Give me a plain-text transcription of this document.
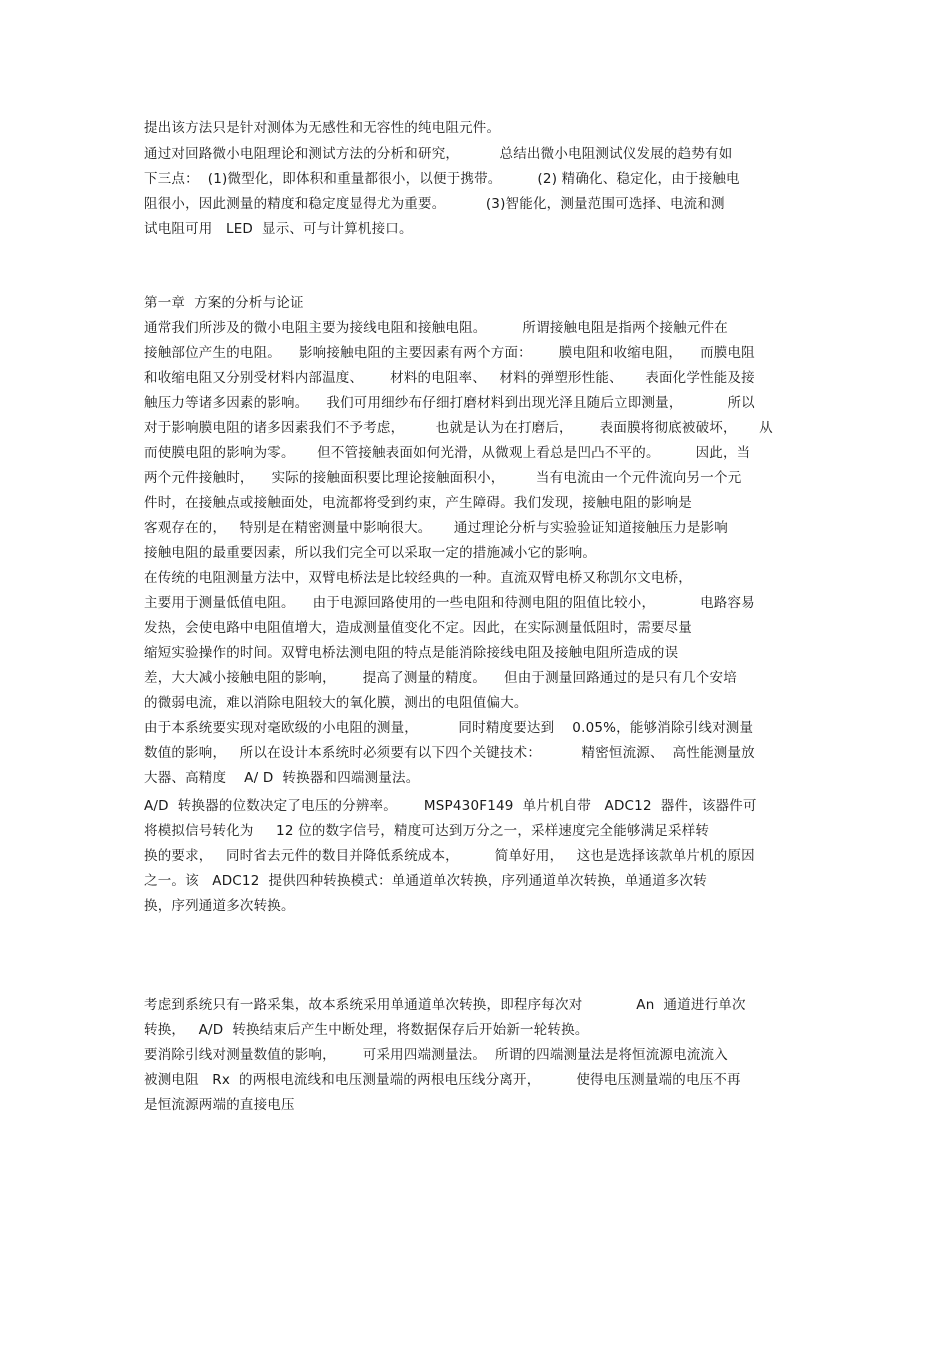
提出该方法只是针对测体为无感性和无容性的纯电阻元件。
通过对回路微小电阻理论和测试方法的分析和研究，         总结出微小电阻测试仪发展的趋势有如
下三点：  (1)微型化，即体积和重量都很小，以便于携带。        (2) 精确化、稳定化，由于接触电
阻很小，因此测量的精度和稳定度显得尤为重要。         (3)智能化，测量范围可选择、电流和测
试电阻可用   LED  显示、可与计算机接口。
第一章  方案的分析与论证
通常我们所涉及的微小电阻主要为接线电阻和接触电阻。        所谓接触电阻是指两个接触元件在
接触部位产生的电阻。    影响接触电阻的主要因素有两个方面：      膜电阻和收缩电阻，    而膜电阻
和收缩电阻又分别受材料内部温度、      材料的电阻率、   材料的弹塑形性能、     表面化学性能及接
触压力等诸多因素的影响。    我们可用细纱布仔细打磨材料到出现光泽且随后立即测量，          所以
对于影响膜电阻的诸多因素我们不予考虑，       也就是认为在打磨后，      表面膜将彻底被破坏，     从
而使膜电阻的影响为零。     但不管接触表面如何光滑，从微观上看总是凹凸不平的。        因此，当
两个元件接触时，    实际的接触面积要比理论接触面积小，       当有电流由一个元件流向另一个元
件时，在接触点或接触面处，电流都将受到约束，产生障碍。我们发现，接触电阻的影响是
客观存在的，   特别是在精密测量中影响很大。     通过理论分析与实验验证知道接触压力是影响
接触电阻的最重要因素，所以我们完全可以采取一定的措施减小它的影响。
在传统的电阻测量方法中，双臂电桥法是比较经典的一种。直流双臂电桥又称凯尔文电桥，
主要用于测量低值电阻。    由于电源回路使用的一些电阻和待测电阻的阻值比较小，          电路容易
发热，会使电路中电阻值增大，造成测量值变化不定。因此，在实际测量低阻时，需要尽量
缩短实验操作的时间。双臂电桥法测电阻的特点是能消除接线电阻及接触电阻所造成的误
差，大大减小接触电阻的影响，      提高了测量的精度。    但由于测量回路通过的是只有几个安培
的微弱电流，难以消除电阻较大的氧化膜，测出的电阻值偏大。
由于本系统要实现对毫欧级的小电阻的测量，         同时精度要达到    0.05%，能够消除引线对测量
数值的影响，   所以在设计本系统时必须要有以下四个关键技术：         精密恒流源、  高性能测量放
大器、高精度    A/ D  转换器和四端测量法。
A/D  转换器的位数决定了电压的分辨率。      MSP430F149  单片机自带   ADC12  器件，该器件可
将模拟信号转化为     12 位的数字信号，精度可达到万分之一，采样速度完全能够满足采样转
换的要求，   同时省去元件的数目并降低系统成本，        简单好用，   这也是选择该款单片机的原因
之一。该   ADC12  提供四种转换模式：单通道单次转换，序列通道单次转换，单通道多次转
换，序列通道多次转换。
考虑到系统只有一路采集，故本系统采用单通道单次转换，即程序每次对            An  通道进行单次
转换，   A/D  转换结束后产生中断处理，将数据保存后开始新一轮转换。
要消除引线对测量数值的影响，      可采用四端测量法。  所谓的四端测量法是将恒流源电流流入
被测电阻   Rx  的两根电流线和电压测量端的两根电压线分离开，        使得电压测量端的电压不再
是恒流源两端的直接电压
